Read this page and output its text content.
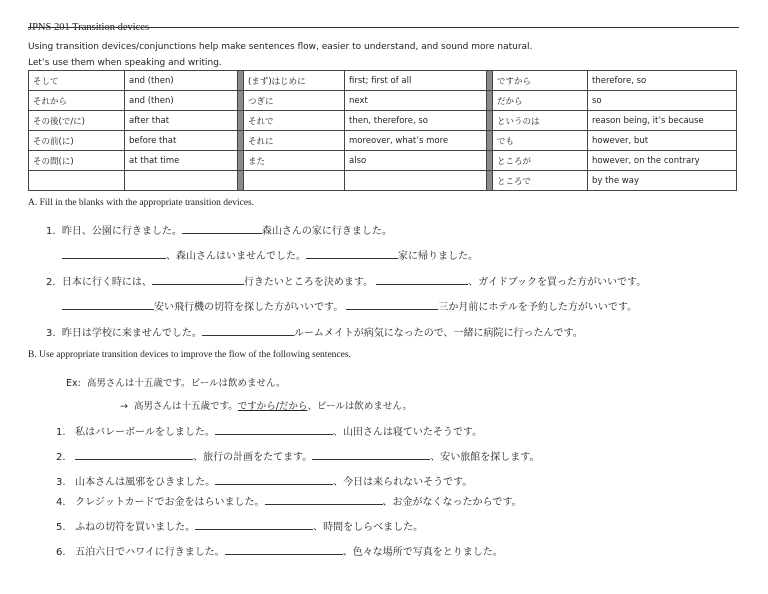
JPNS 201 Transition devices
Using transition devices/conjunctions help make sentences flow, easier to understand, and sound more natural.
Let’s use them when speaking and writing.
そして	and (then)		(まず)はじめに	first; first of all		ですから	therefore, so
それから	and (then)		つぎに	next		だから	so
その後(で/に)	after that		それで	then, therefore, so		というのは	reason being, it’s because
その前(に)	before that		それに	moreover, what’s more		でも	however, but
その間(に)	at that time		また	also		ところが	however, on the contrary
						ところで	by the way
A. Fill in the blanks with the appropriate transition devices.
1. 昨日、公園に行きました。	森山さんの家に行きました。
、森山さんはいませんでした。	家に帰りました。
2. 日本に行く時には、	行きたいところを決めます。	、ガイドブックを買った方がいいです。
安い飛行機の切符を探した方がいいです。	三か月前にホテルを予約した方がいいです。
3. 昨日は学校に来ませんでした。	ルームメイトが病気になったので、一緒に病院に行ったんです。
B. Use appropriate transition devices to improve the flow of the following sentences.
Ex: 高男さんは十五歳です。ビールは飲めません。
→ 高男さんは十五歳です。ですから/だから、ビールは飲めません。
1. 私はバレーボールをしました。	、山田さんは寝ていたそうです。
2.	、旅行の計画をたてます。	、安い旅館を探します。
3. 山本さんは風邪をひきました。	、今日は来られないそうです。
4. クレジットカードでお金をはらいました。	、お金がなくなったからです。
5. ふねの切符を買いました。	、時間をしらべました。
6. 五泊六日でハワイに行きました。	、色々な場所で写真をとりました。
